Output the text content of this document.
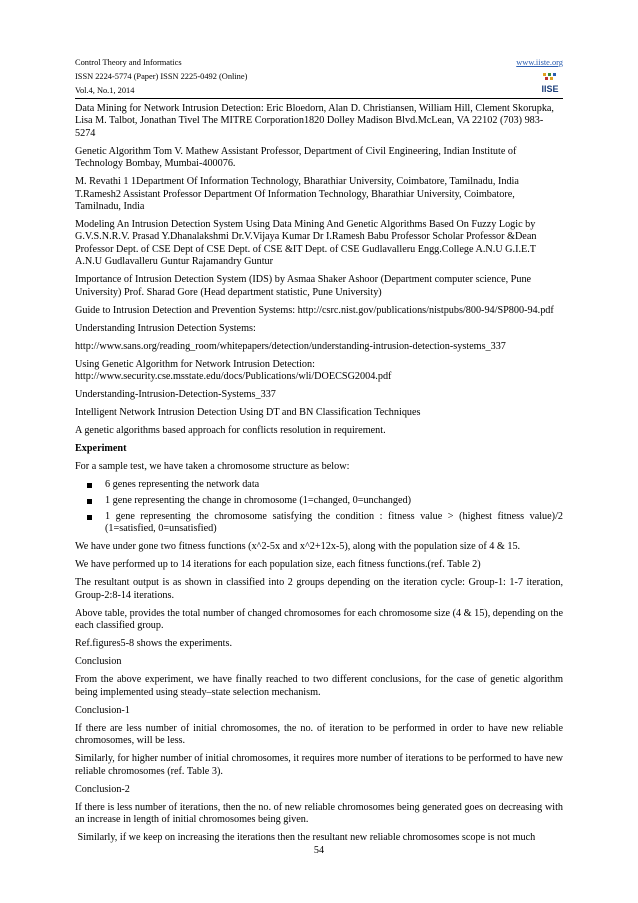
Control Theory and Informatics
ISSN 2224-5774 (Paper) ISSN 2225-0492 (Online)
Vol.4, No.1, 2014
www.iiste.org
IISE

Data Mining for Network Intrusion Detection: Eric Bloedorn, Alan D. Christiansen, William Hill, Clement Skorupka, Lisa M. Talbot, Jonathan Tivel The MITRE Corporation1820 Dolley Madison Blvd.McLean, VA 22102 (703) 983-5274

Genetic Algorithm Tom V. Mathew Assistant Professor, Department of Civil Engineering, Indian Institute of Technology Bombay, Mumbai-400076.

M. Revathi 1 1Department Of Information Technology, Bharathiar University, Coimbatore, Tamilnadu, India T.Ramesh2 Assistant Professor Department Of Information Technology, Bharathiar University, Coimbatore, Tamilnadu, India

Modeling An Intrusion Detection System Using Data Mining And Genetic Algorithms Based On Fuzzy Logic by G.V.S.N.R.V. Prasad Y.Dhanalakshmi Dr.V.Vijaya Kumar Dr I.Ramesh Babu Professor Scholar Professor &Dean Professor Dept. of CSE Dept of CSE Dept. of CSE &IT Dept. of CSE Gudlavalleru Engg.College A.N.U G.I.E.T A.N.U Gudlavalleru Guntur Rajamandry Guntur

Importance of Intrusion Detection System (IDS) by Asmaa Shaker Ashoor (Department computer science, Pune University) Prof. Sharad Gore (Head department statistic, Pune University)

Guide to Intrusion Detection and Prevention Systems: http://csrc.nist.gov/publications/nistpubs/800-94/SP800-94.pdf

Understanding Intrusion Detection Systems:

http://www.sans.org/reading_room/whitepapers/detection/understanding-intrusion-detection-systems_337

Using Genetic Algorithm for Network Intrusion Detection: http://www.security.cse.msstate.edu/docs/Publications/wli/DOECSG2004.pdf

Understanding-Intrusion-Detection-Systems_337

Intelligent Network Intrusion Detection Using DT and BN Classification Techniques

A genetic algorithms based approach for conflicts resolution in requirement.

Experiment

For a sample test, we have taken a chromosome structure as below:

6 genes representing the network data
1 gene representing the change in chromosome (1=changed, 0=unchanged)
1 gene representing the chromosome satisfying the condition : fitness value > (highest fitness value)/2 (1=satisfied, 0=unsatisfied)

We have under gone two fitness functions (x^2-5x and x^2+12x-5), along with the population size of 4 & 15.

We have performed up to 14 iterations for each population size, each fitness functions.(ref. Table 2)

The resultant output is as shown in classified into 2 groups depending on the iteration cycle: Group-1: 1-7 iteration, Group-2:8-14 iterations.

Above table, provides the total number of changed chromosomes for each chromosome size (4 & 15), depending on the each classified group.

Ref.figures5-8 shows the experiments.

Conclusion

From the above experiment, we have finally reached to two different conclusions, for the case of genetic algorithm being implemented using steady–state selection mechanism.

Conclusion-1

If there are less number of initial chromosomes, the no. of iteration to be performed in order to have new reliable chromosomes, will be less.

Similarly, for higher number of initial chromosomes, it requires more number of iterations to be performed to have new reliable chromosomes (ref. Table 3).

Conclusion-2

If there is less number of iterations, then the no. of new reliable chromosomes being generated goes on decreasing with an increase in length of initial chromosomes being given.

Similarly, if we keep on increasing the iterations then the resultant new reliable chromosomes scope is not much

54
